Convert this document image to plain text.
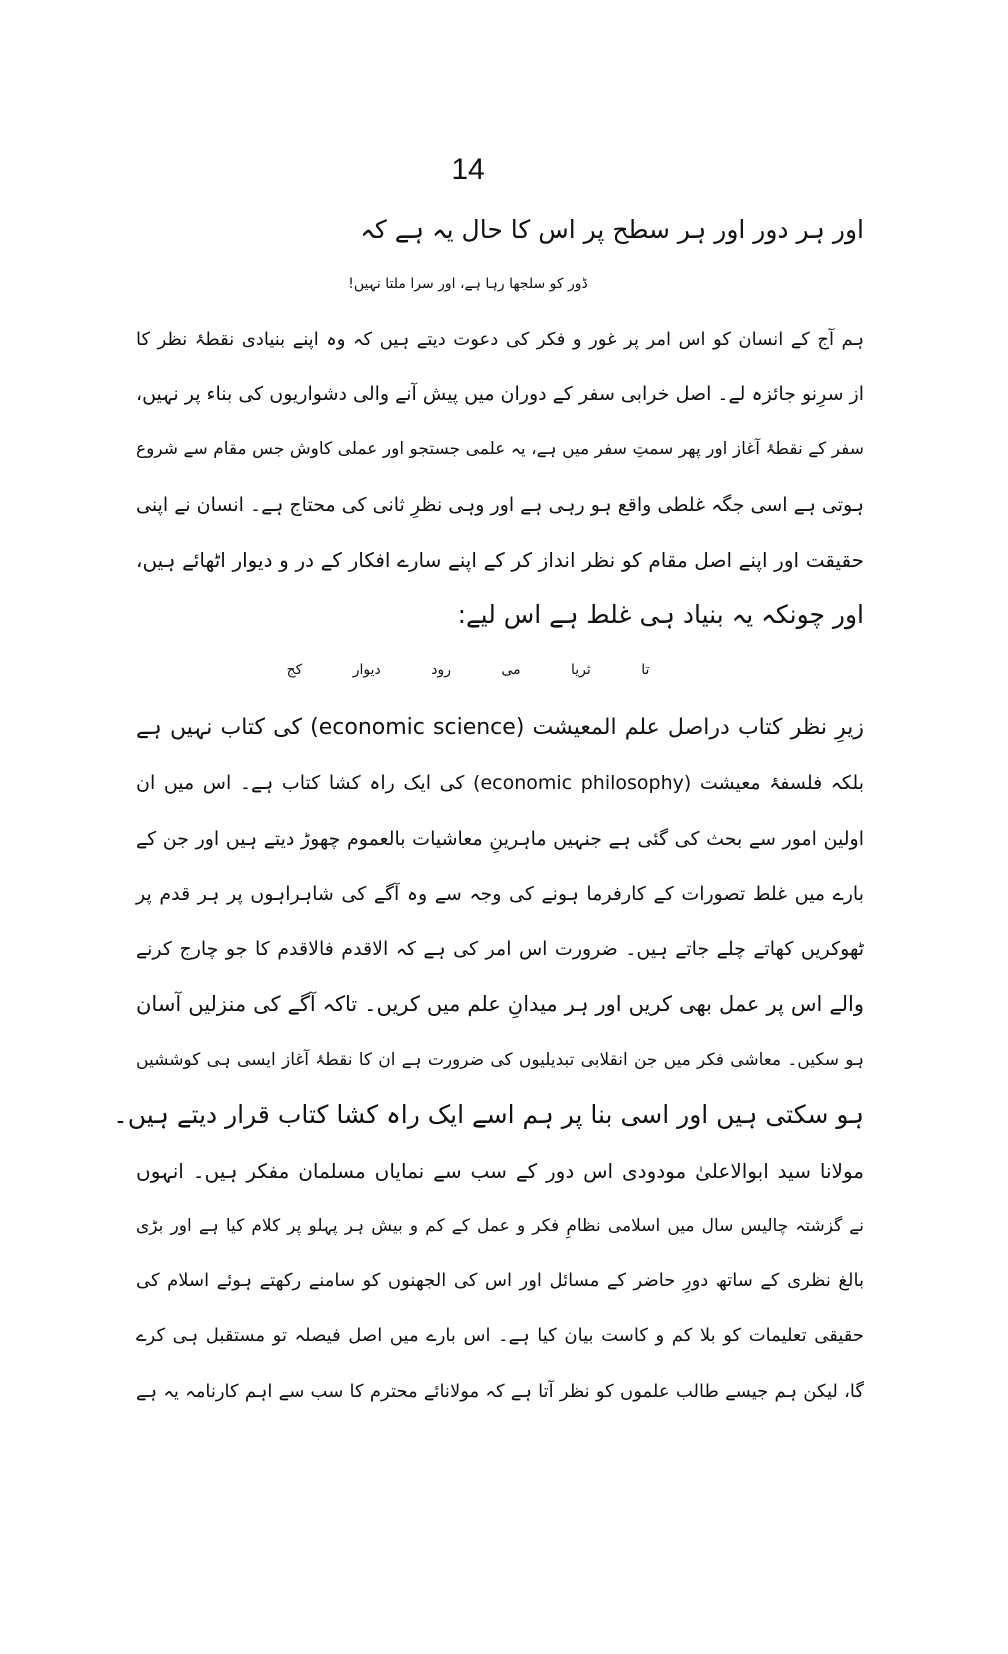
14
اور ہر دور اور ہر سطح پر اس کا حال یہ ہے کہ
ڈور کو سلجھا رہا ہے، اور سرا ملتا نہیں!
ہم آج کے انسان کو اس امر پر غور و فکر کی دعوت دیتے ہیں کہ وہ اپنے بنیادی نقطۂ نظر کا
از سرِنو جائزہ لے۔ اصل خرابی سفر کے دوران میں پیش آنے والی دشواریوں کی بناء پر نہیں،
سفر کے نقطۂ آغاز اور پھر سمتِ سفر میں ہے، یہ علمی جستجو اور عملی کاوش جس مقام سے شروع
ہوتی ہے اسی جگہ غلطی واقع ہو رہی ہے اور وہی نظرِ ثانی کی محتاج ہے۔ انسان نے اپنی
حقیقت اور اپنے اصل مقام کو نظر انداز کر کے اپنے سارے افکار کے در و دیوار اٹھائے ہیں،
اور چونکہ یہ بنیاد ہی غلط ہے اس لیے:
تا ثریا می رود دیوار کج
زیرِ نظر کتاب دراصل علم المعیشت (economic science) کی کتاب نہیں ہے
بلکہ فلسفۂ معیشت (economic philosophy) کی ایک راہ کشا کتاب ہے۔ اس میں ان
اولین امور سے بحث کی گئی ہے جنہیں ماہرینِ معاشیات بالعموم چھوڑ دیتے ہیں اور جن کے
بارے میں غلط تصورات کے کارفرما ہونے کی وجہ سے وہ آگے کی شاہراہوں پر ہر قدم پر
ٹھوکریں کھاتے چلے جاتے ہیں۔ ضرورت اس امر کی ہے کہ الاقدم فالاقدم کا جو چارج کرنے
والے اس پر عمل بھی کریں اور ہر میدانِ علم میں کریں۔ تاکہ آگے کی منزلیں آسان
ہو سکیں۔ معاشی فکر میں جن انقلابی تبدیلیوں کی ضرورت ہے ان کا نقطۂ آغاز ایسی ہی کوششیں
ہو سکتی ہیں اور اسی بنا پر ہم اسے ایک راہ کشا کتاب قرار دیتے ہیں۔
مولانا سید ابوالاعلیٰ مودودی اس دور کے سب سے نمایاں مسلمان مفکر ہیں۔ انہوں
نے گزشتہ چالیس سال میں اسلامی نظامِ فکر و عمل کے کم و بیش ہر پہلو پر کلام کیا ہے اور بڑی
بالغ نظری کے ساتھ دورِ حاضر کے مسائل اور اس کی الجھنوں کو سامنے رکھتے ہوئے اسلام کی
حقیقی تعلیمات کو بلا کم و کاست بیان کیا ہے۔ اس بارے میں اصل فیصلہ تو مستقبل ہی کرے
گا، لیکن ہم جیسے طالب علموں کو نظر آتا ہے کہ مولانائے محترم کا سب سے اہم کارنامہ یہ ہے
